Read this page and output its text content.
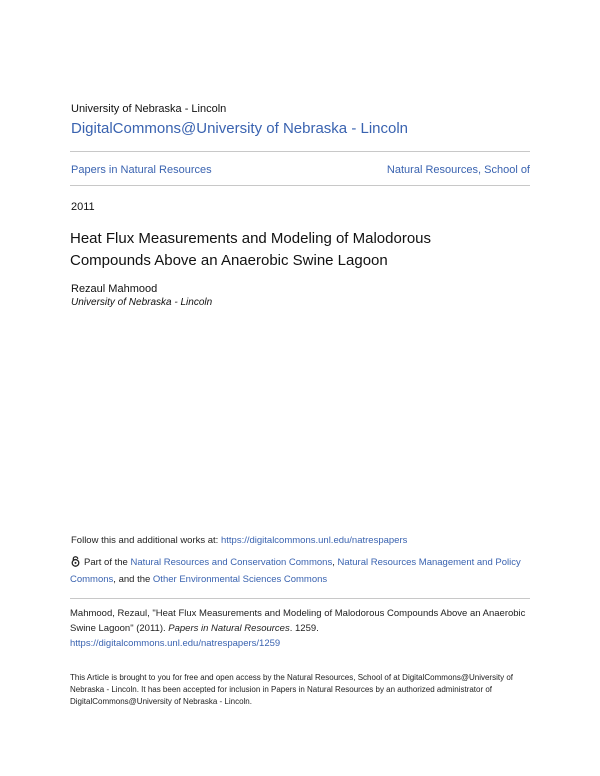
University of Nebraska - Lincoln
DigitalCommons@University of Nebraska - Lincoln
Papers in Natural Resources	Natural Resources, School of
2011
Heat Flux Measurements and Modeling of Malodorous Compounds Above an Anaerobic Swine Lagoon
Rezaul Mahmood
University of Nebraska - Lincoln
Follow this and additional works at: https://digitalcommons.unl.edu/natrespapers
Part of the Natural Resources and Conservation Commons, Natural Resources Management and Policy Commons, and the Other Environmental Sciences Commons
Mahmood, Rezaul, "Heat Flux Measurements and Modeling of Malodorous Compounds Above an Anaerobic Swine Lagoon" (2011). Papers in Natural Resources. 1259.
https://digitalcommons.unl.edu/natrespapers/1259
This Article is brought to you for free and open access by the Natural Resources, School of at DigitalCommons@University of Nebraska - Lincoln. It has been accepted for inclusion in Papers in Natural Resources by an authorized administrator of DigitalCommons@University of Nebraska - Lincoln.
